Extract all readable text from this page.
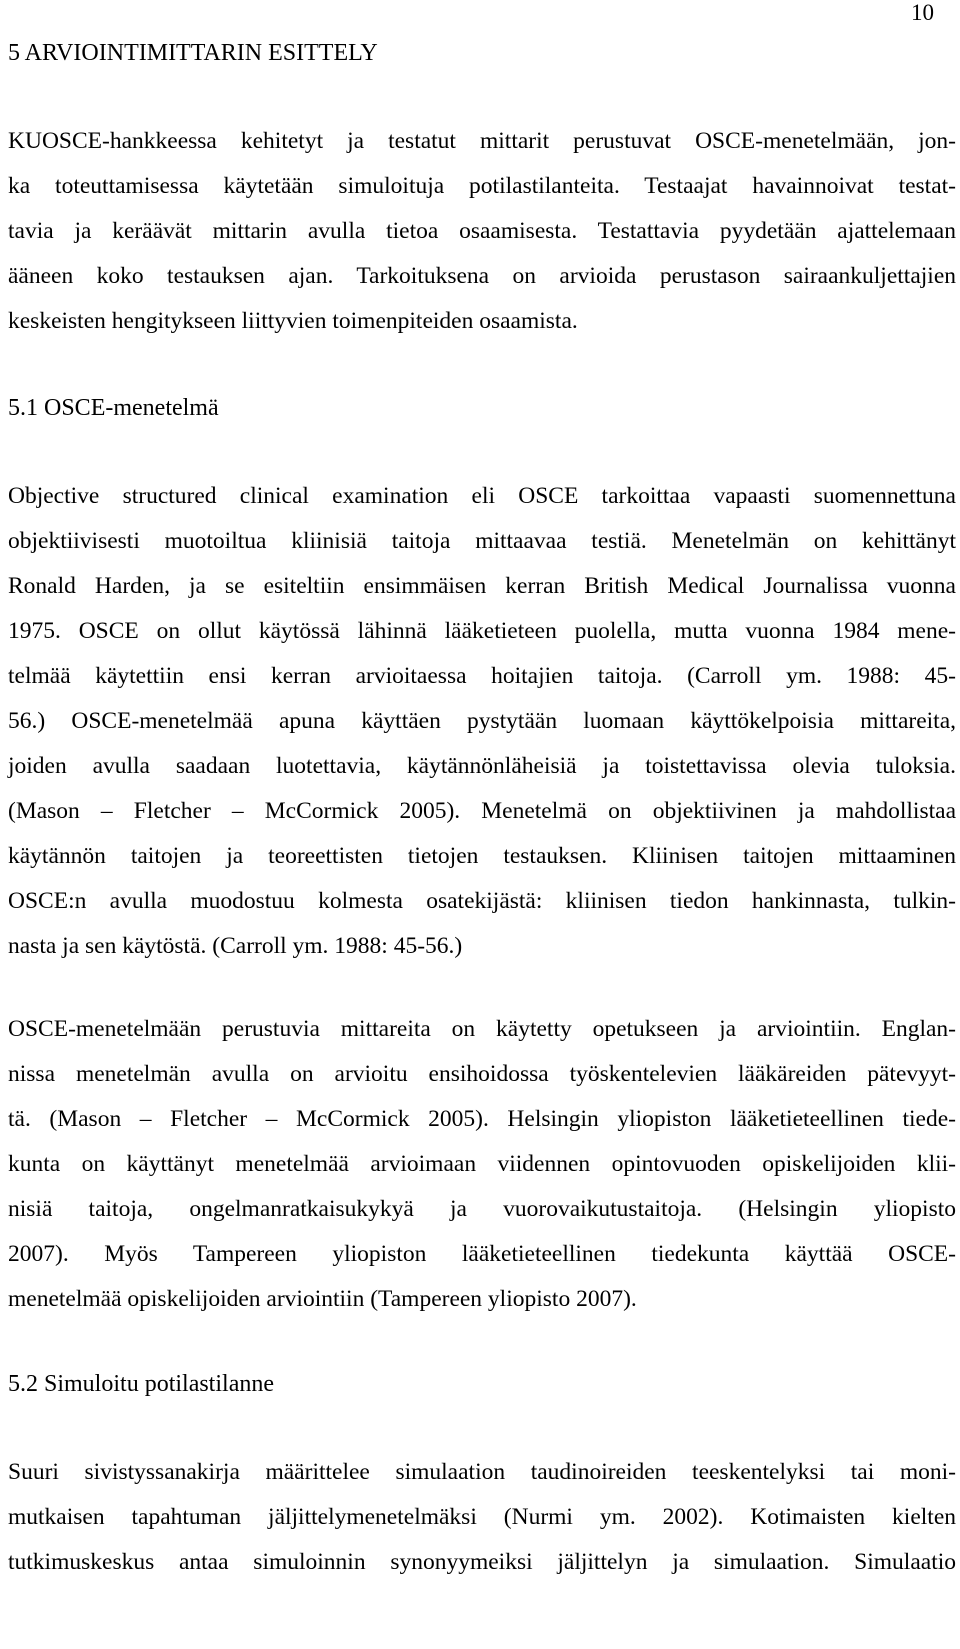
10
5 ARVIOINTIMITTARIN ESITTELY
KUOSCE-hankkeessa kehitetyt ja testatut mittarit perustuvat OSCE-menetelmään, jon-
ka toteuttamisessa käytetään simuloituja potilastilanteita. Testaajat havainnoivat testat-
tavia ja keräävät mittarin avulla tietoa osaamisesta. Testattavia pyydetään ajattelemaan
ääneen koko testauksen ajan. Tarkoituksena on arvioida perustason sairaankuljettajien
keskeisten hengitykseen liittyvien toimenpiteiden osaamista.
5.1 OSCE-menetelmä
Objective structured clinical examination eli OSCE tarkoittaa vapaasti suomennettuna
objektiivisesti muotoiltua kliinisiä taitoja mittaavaa testiä. Menetelmän on kehittänyt
Ronald Harden, ja se esiteltiin ensimmäisen kerran British Medical Journalissa vuonna
1975. OSCE on ollut käytössä lähinnä lääketieteen puolella, mutta vuonna 1984 mene-
telmää käytettiin ensi kerran arvioitaessa hoitajien taitoja. (Carroll ym. 1988: 45-
56.) OSCE-menetelmää apuna käyttäen pystytään luomaan käyttökelpoisia mittareita,
joiden avulla saadaan luotettavia, käytännönläheisiä ja toistettavissa olevia tuloksia.
(Mason – Fletcher – McCormick 2005). Menetelmä on objektiivinen ja mahdollistaa
käytännön taitojen ja teoreettisten tietojen testauksen. Kliinisen taitojen mittaaminen
OSCE:n avulla muodostuu kolmesta osatekijästä: kliinisen tiedon hankinnasta, tulkin-
nasta ja sen käytöstä. (Carroll ym. 1988: 45-56.)
OSCE-menetelmään perustuvia mittareita on käytetty opetukseen ja arviointiin. Englan-
nissa menetelmän avulla on arvioitu ensihoidossa työskentelevien lääkäreiden pätevyyt-
tä. (Mason – Fletcher – McCormick 2005). Helsingin yliopiston lääketieteellinen tiede-
kunta on käyttänyt menetelmää arvioimaan viidennen opintovuoden opiskelijoiden klii-
nisiä taitoja, ongelmanratkaisukykyä ja vuorovaikutustaitoja. (Helsingin yliopisto
2007). Myös Tampereen yliopiston lääketieteellinen tiedekunta käyttää OSCE-
menetelmää opiskelijoiden arviointiin (Tampereen yliopisto 2007).
5.2 Simuloitu potilastilanne
Suuri sivistyssanakirja määrittelee simulaation taudinoireiden teeskentelyksi tai moni-
mutkaisen tapahtuman jäljittelymenetelmäksi (Nurmi ym. 2002). Kotimaisten kielten
tutkimuskeskus antaa simuloinnin synonyymeiksi jäljittelyn ja simulaation. Simulaatio
